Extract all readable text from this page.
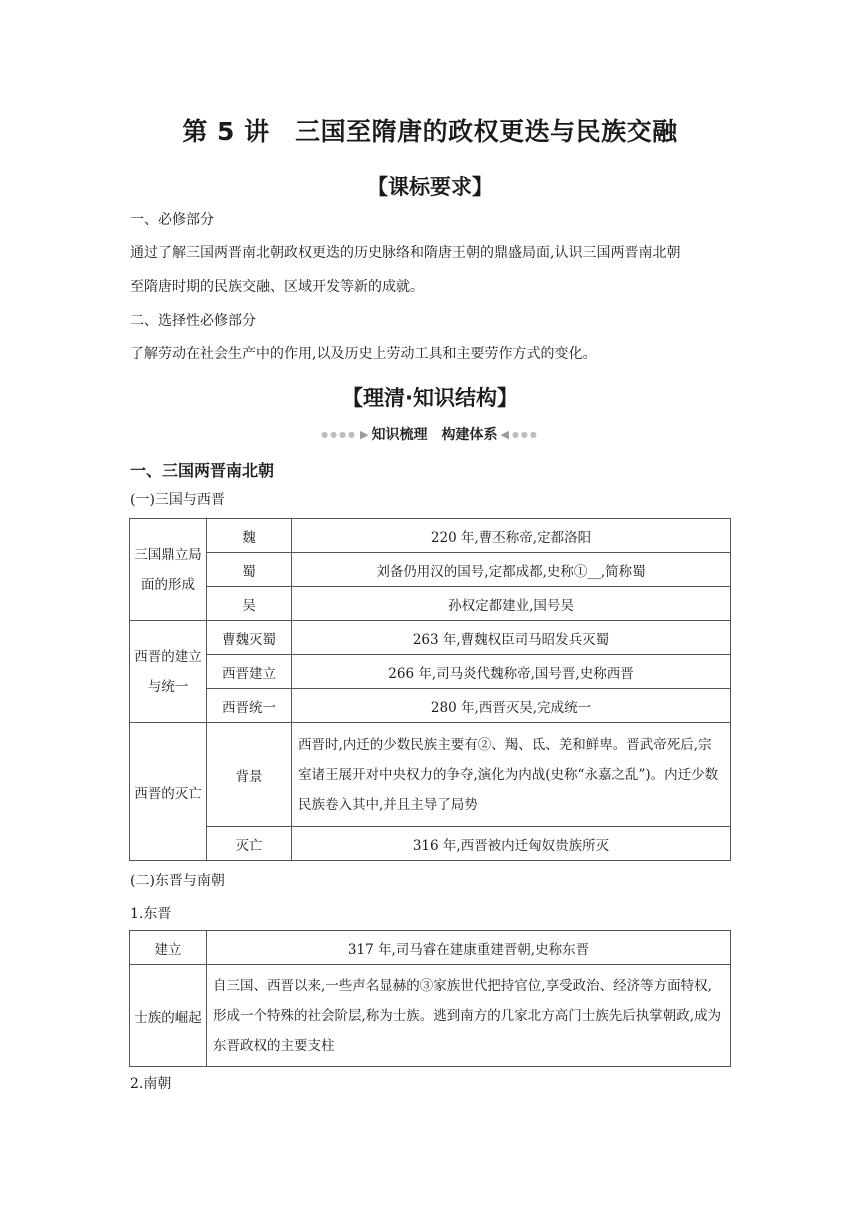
第 5 讲　三国至隋唐的政权更迭与民族交融
【课标要求】
一、必修部分
通过了解三国两晋南北朝政权更迭的历史脉络和隋唐王朝的鼎盛局面,认识三国两晋南北朝
至隋唐时期的民族交融、区域开发等新的成就。
二、选择性必修部分
了解劳动在社会生产中的作用,以及历史上劳动工具和主要劳作方式的变化。
【理清·知识结构】
●●●● ▶ 知识梳理　构建体系 ◀ ●●●
一、三国两晋南北朝
(一)三国与西晋
三国鼎立局面的形成	魏	220 年,曹丕称帝,定都洛阳
	蜀	刘备仍用汉的国号,定都成都,史称①__,简称蜀
	吴	孙权定都建业,国号吴
西晋的建立与统一	曹魏灭蜀	263 年,曹魏权臣司马昭发兵灭蜀
	西晋建立	266 年,司马炎代魏称帝,国号晋,史称西晋
	西晋统一	280 年,西晋灭吴,完成统一
西晋的灭亡	背景	西晋时,内迁的少数民族主要有②、羯、氐、羌和鲜卑。晋武帝死后,宗室诸王展开对中央权力的争夺,演化为内战(史称“永嘉之乱”)。内迁少数民族卷入其中,并且主导了局势
	灭亡	316 年,西晋被内迁匈奴贵族所灭
(二)东晋与南朝
1.东晋
建立	317 年,司马睿在建康重建晋朝,史称东晋
士族的崛起	自三国、西晋以来,一些声名显赫的③家族世代把持官位,享受政治、经济等方面特权,形成一个特殊的社会阶层,称为士族。逃到南方的几家北方高门士族先后执掌朝政,成为东晋政权的主要支柱
2.南朝
